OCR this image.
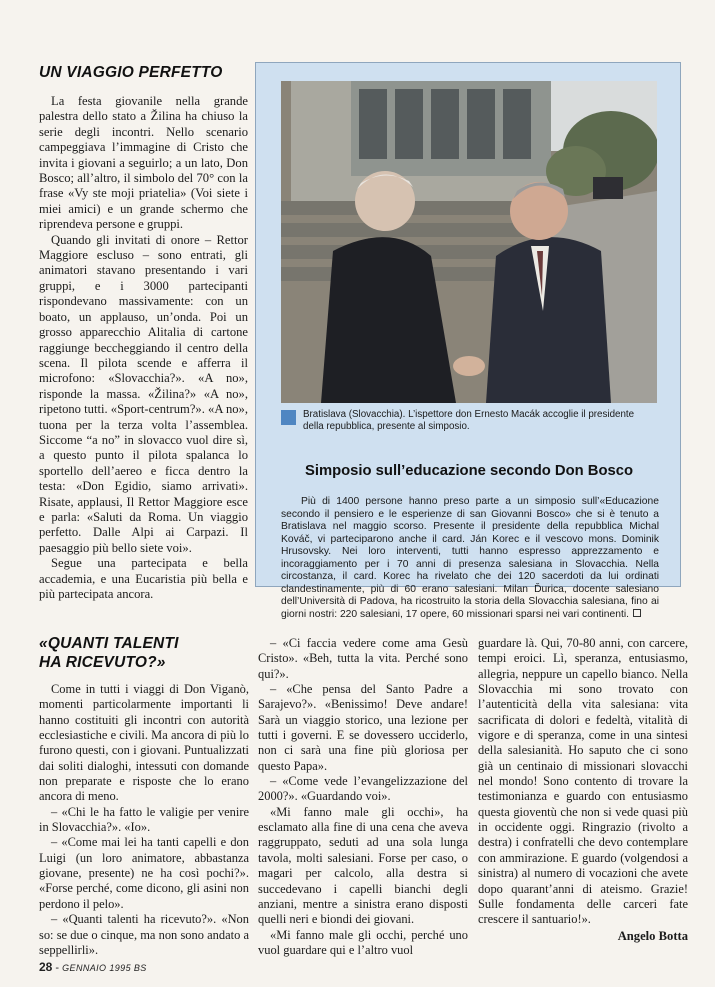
UN VIAGGIO PERFETTO

La festa giovanile nella grande palestra dello stato a Žilina ha chiuso la serie degli incontri. Nello scenario campeggiava l’immagine di Cristo che invita i giovani a seguirlo; a un lato, Don Bosco; all’altro, il simbolo del 70° con la frase «Vy ste moji priatelia» (Voi siete i miei amici) e un grande schermo che riprendeva persone e gruppi.

Quando gli invitati di onore – Rettor Maggiore escluso – sono entrati, gli animatori stavano presentando i vari gruppi, e i 3000 partecipanti rispondevano massivamente: con un boato, un applauso, un’onda. Poi un grosso apparecchio Alitalia di cartone raggiunge beccheggiando il centro della scena. Il pilota scende e afferra il microfono: «Slovacchia?». «A no», risponde la massa. «Žilina?» «A no», ripetono tutti. «Sport-centrum?». «A no», tuona per la terza volta l’assemblea. Siccome “a no” in slovacco vuol dire sì, a questo punto il pilota spalanca lo sportello dell’aereo e ficca dentro la testa: «Don Egidio, siamo arrivati». Risate, applausi, Il Rettor Maggiore esce e parla: «Saluti da Roma. Un viaggio perfetto. Dalle Alpi ai Carpazi. Il paesaggio più bello siete voi».

Segue una partecipata e bella accademia, e una Eucaristia più bella e più partecipata ancora.

Bratislava (Slovacchia). L’ispettore don Ernesto Macák accoglie il presidente della repubblica, presente al simposio.
Simposio sull’educazione secondo Don Bosco

Più di 1400 persone hanno preso parte a un simposio sull’«Educazione secondo il pensiero e le esperienze di san Giovanni Bosco» che si è tenuto a Bratislava nel maggio scorso. Presente il presidente della repubblica Michal Kováč, vi parteciparono anche il card. Ján Korec e il vescovo mons. Dominik Hrusovsky. Nei loro interventi, tutti hanno espresso apprezzamento e incoraggiamento per i 70 anni di presenza salesiana in Slovacchia. Nella circostanza, il card. Korec ha rivelato che dei 120 sacerdoti da lui ordinati clandestinamente, più di 60 erano salesiani. Milan Ďurica, docente salesiano dell’Università di Padova, ha ricostruito la storia della Slovacchia salesiana, fino ai giorni nostri: 220 salesiani, 17 opere, 60 missionari sparsi nei vari continenti.

«QUANTI TALENTI
HA RICEVUTO?»

Come in tutti i viaggi di Don Viganò, momenti particolarmente importanti li hanno costituiti gli incontri con autorità ecclesiastiche e civili. Ma ancora di più lo furono questi, con i giovani. Puntualizzati dai soliti dialoghi, intessuti con domande non preparate e risposte che lo erano ancora di meno.

– «Chi le ha fatto le valigie per venire in Slovacchia?». «Io».

– «Come mai lei ha tanti capelli e don Luigi (un loro animatore, abbastanza giovane, presente) ne ha così pochi?». «Forse perché, come dicono, gli asini non perdono il pelo».

– «Quanti talenti ha ricevuto?». «Non so: se due o cinque, ma non sono andato a seppellirli».

– «Ci faccia vedere come ama Gesù Cristo». «Beh, tutta la vita. Perché sono qui?».

– «Che pensa del Santo Padre a Sarajevo?». «Benissimo! Deve andare! Sarà un viaggio storico, una lezione per tutti i governi. E se dovessero ucciderlo, non ci sarà una fine più gloriosa per questo Papa».

– «Come vede l’evangelizzazione del 2000?». «Guardando voi».

«Mi fanno male gli occhi», ha esclamato alla fine di una cena che aveva raggruppato, seduti ad una sola lunga tavola, molti salesiani. Forse per caso, o magari per calcolo, alla destra si succedevano i capelli bianchi degli anziani, mentre a sinistra erano disposti quelli neri e biondi dei giovani.

«Mi fanno male gli occhi, perché uno vuol guardare qui e l’altro vuol

guardare là. Qui, 70-80 anni, con carcere, tempi eroici. Lì, speranza, entusiasmo, allegria, neppure un capello bianco. Nella Slovacchia mi sono trovato con l’autenticità della vita salesiana: vita sacrificata di dolori e fedeltà, vitalità di vigore e di speranza, come in una sintesi della salesianità. Ho saputo che ci sono già un centinaio di missionari slovacchi nel mondo! Sono contento di trovare la testimonianza e guardo con entusiasmo questa gioventù che non si vede quasi più in occidente oggi. Ringrazio (rivolto a destra) i confratelli che devo contemplare con ammirazione. E guardo (volgendosi a sinistra) al numero di vocazioni che avete dopo quarant’anni di ateismo. Grazie! Sulle fondamenta delle carceri fate crescere il santuario!».

Angelo Botta
28 - GENNAIO 1995 BS
